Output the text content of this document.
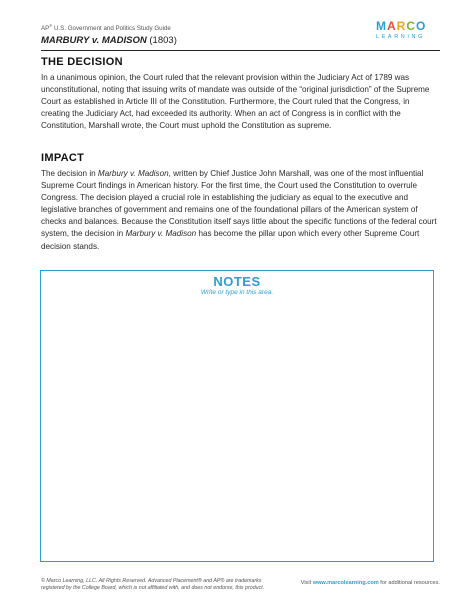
AP® U.S. Government and Politics Study Guide
MARBURY v. MADISON (1803)
MARCO
LEARNING
THE DECISION

In a unanimous opinion, the Court ruled that the relevant provision within the Judiciary Act of 1789 was unconstitutional, noting that issuing writs of mandate was outside of the “original jurisdiction” of the Supreme Court as established in Article III of the Constitution. Furthermore, the Court ruled that the Congress, in creating the Judiciary Act, had exceeded its authority. When an act of Congress is in conflict with the Constitution, Marshall wrote, the Court must uphold the Constitution as supreme.

IMPACT

The decision in Marbury v. Madison, written by Chief Justice John Marshall, was one of the most influential Supreme Court findings in American history. For the first time, the Court used the Constitution to overrule Congress. The decision played a crucial role in establishing the judiciary as equal to the executive and legislative branches of government and remains one of the foundational pillars of the American system of checks and balances. Because the Constitution itself says little about the specific functions of the federal court system, the decision in Marbury v. Madison has become the pillar upon which every other Supreme Court decision stands.

NOTES
Write or type in this area.
© Marco Learning, LLC. All Rights Reserved. Advanced Placement® and AP® are trademarks registered by the College Board, which is not affiliated with, and does not endorse, this product.
Visit www.marcolearning.com for additional resources.
